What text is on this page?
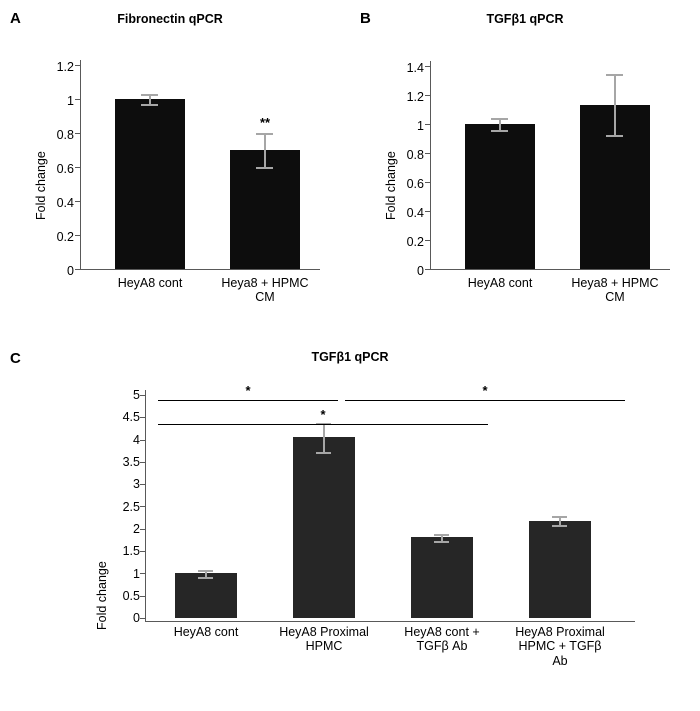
A	Fibronectin qPCR
Fold change
0
0.2
0.4
0.6
0.8
1
1.2
**
HeyA8 cont	Heya8 + HPMC
CM
B	TGFβ1 qPCR
Fold change
0
0.2
0.4
0.6
0.8
1
1.2
1.4
HeyA8 cont	Heya8 + HPMC
CM
C	TGFβ1 qPCR
Fold change	0
0.5
1
1.5
2
2.5
3
3.5
4
4.5
5	*	*
*
HeyA8 cont	HeyA8 Proximal
HPMC
HeyA8 cont +
TGFβ Ab
HeyA8 Proximal
HPMC + TGFβ
Ab
